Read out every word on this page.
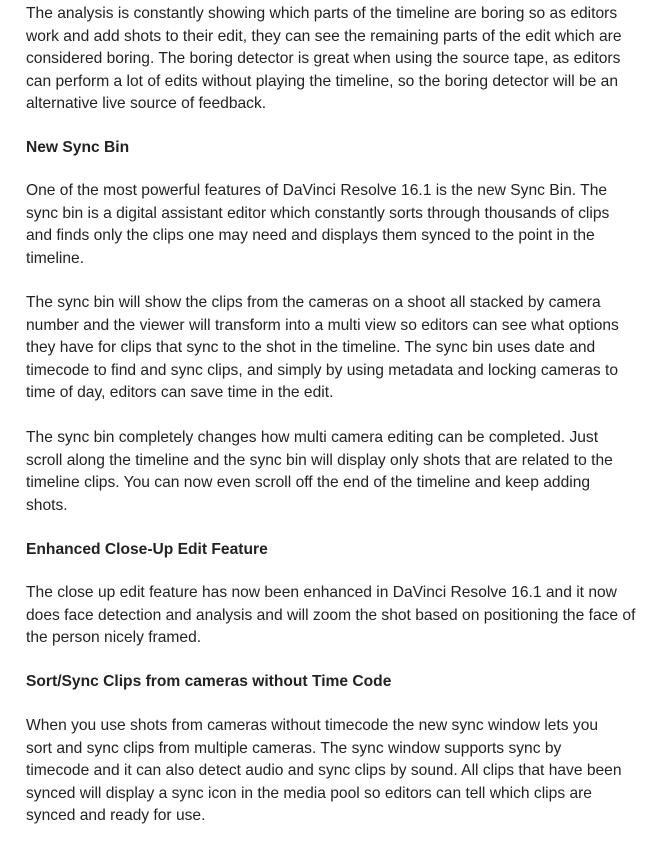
The analysis is constantly showing which parts of the timeline are boring so as editors work and add shots to their edit, they can see the remaining parts of the edit which are considered boring. The boring detector is great when using the source tape, as editors can perform a lot of edits without playing the timeline, so the boring detector will be an alternative live source of feedback.

New Sync Bin

One of the most powerful features of DaVinci Resolve 16.1 is the new Sync Bin. The sync bin is a digital assistant editor which constantly sorts through thousands of clips and finds only the clips one may need and displays them synced to the point in the timeline.

The sync bin will show the clips from the cameras on a shoot all stacked by camera number and the viewer will transform into a multi view so editors can see what options they have for clips that sync to the shot in the timeline. The sync bin uses date and timecode to find and sync clips, and simply by using metadata and locking cameras to time of day, editors can save time in the edit.

The sync bin completely changes how multi camera editing can be completed. Just scroll along the timeline and the sync bin will display only shots that are related to the timeline clips. You can now even scroll off the end of the timeline and keep adding shots.

Enhanced Close-Up Edit Feature

The close up edit feature has now been enhanced in DaVinci Resolve 16.1 and it now does face detection and analysis and will zoom the shot based on positioning the face of the person nicely framed.

Sort/Sync Clips from cameras without Time Code

When you use shots from cameras without timecode the new sync window lets you sort and sync clips from multiple cameras. The sync window supports sync by timecode and it can also detect audio and sync clips by sound. All clips that have been synced will display a sync icon in the media pool so editors can tell which clips are synced and ready for use.
